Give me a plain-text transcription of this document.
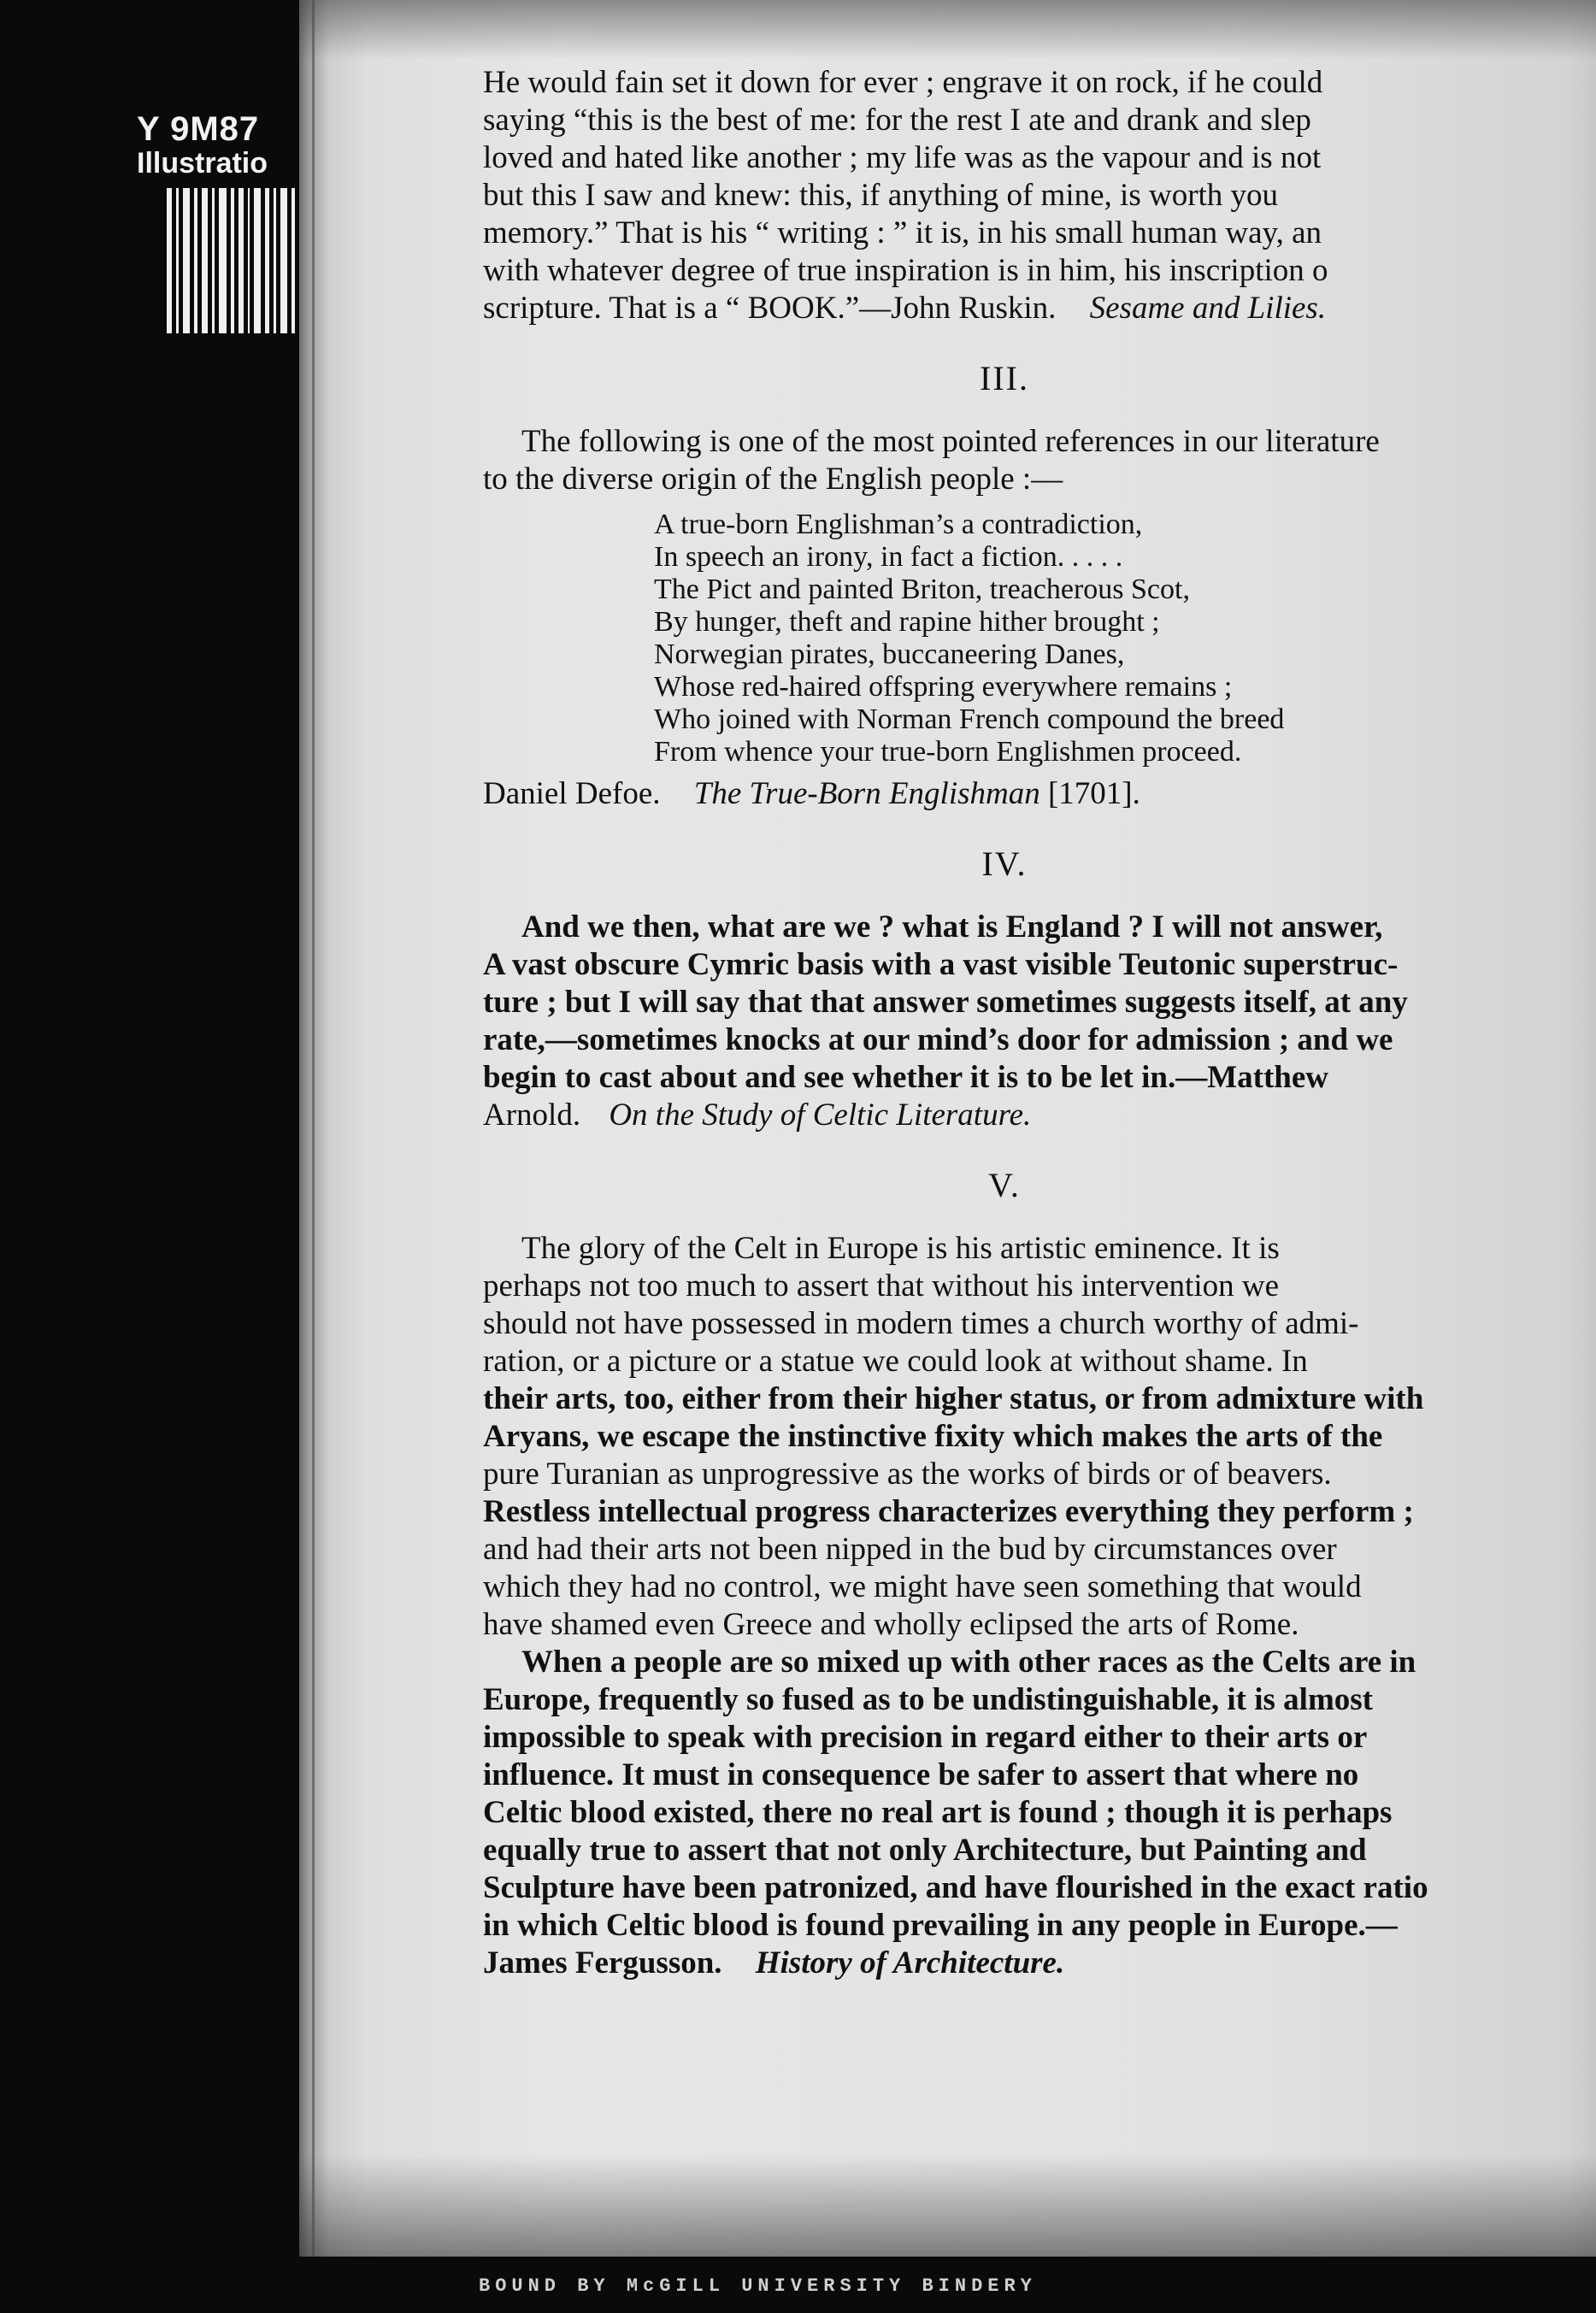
Y 9M87
Illustratio
He would fain set it down for ever ; engrave it on rock, if he could
saying “this is the best of me: for the rest I ate and drank and slep
loved and hated like another ; my life was as the vapour and is not
but this I saw and knew: this, if anything of mine, is worth you
memory.” That is his “ writing : ” it is, in his small human way, an
with whatever degree of true inspiration is in him, his inscription o
scripture. That is a “ BOOK.”—John Ruskin. Sesame and Lilies.
III.
The following is one of the most pointed references in our literature
to the diverse origin of the English people :—
A true-born Englishman’s a contradiction,
In speech an irony, in fact a fiction. . . . .
The Pict and painted Briton, treacherous Scot,
By hunger, theft and rapine hither brought ;
Norwegian pirates, buccaneering Danes,
Whose red-haired offspring everywhere remains ;
Who joined with Norman French compound the breed
From whence your true-born Englishmen proceed.
Daniel Defoe. The True-Born Englishman [1701].
IV.
And we then, what are we ? what is England ? I will not answer,
A vast obscure Cymric basis with a vast visible Teutonic superstruc-
ture ; but I will say that that answer sometimes suggests itself, at any
rate,—sometimes knocks at our mind’s door for admission ; and we
begin to cast about and see whether it is to be let in.—Matthew
Arnold. On the Study of Celtic Literature.
V.
The glory of the Celt in Europe is his artistic eminence. It is
perhaps not too much to assert that without his intervention we
should not have possessed in modern times a church worthy of admi-
ration, or a picture or a statue we could look at without shame. In
their arts, too, either from their higher status, or from admixture with
Aryans, we escape the instinctive fixity which makes the arts of the
pure Turanian as unprogressive as the works of birds or of beavers.
Restless intellectual progress characterizes everything they perform ;
and had their arts not been nipped in the bud by circumstances over
which they had no control, we might have seen something that would
have shamed even Greece and wholly eclipsed the arts of Rome.
When a people are so mixed up with other races as the Celts are in
Europe, frequently so fused as to be undistinguishable, it is almost
impossible to speak with precision in regard either to their arts or
influence. It must in consequence be safer to assert that where no
Celtic blood existed, there no real art is found ; though it is perhaps
equally true to assert that not only Architecture, but Painting and
Sculpture have been patronized, and have flourished in the exact ratio
in which Celtic blood is found prevailing in any people in Europe.—
James Fergusson. History of Architecture.
BOUND BY McGILL UNIVERSITY BINDERY
